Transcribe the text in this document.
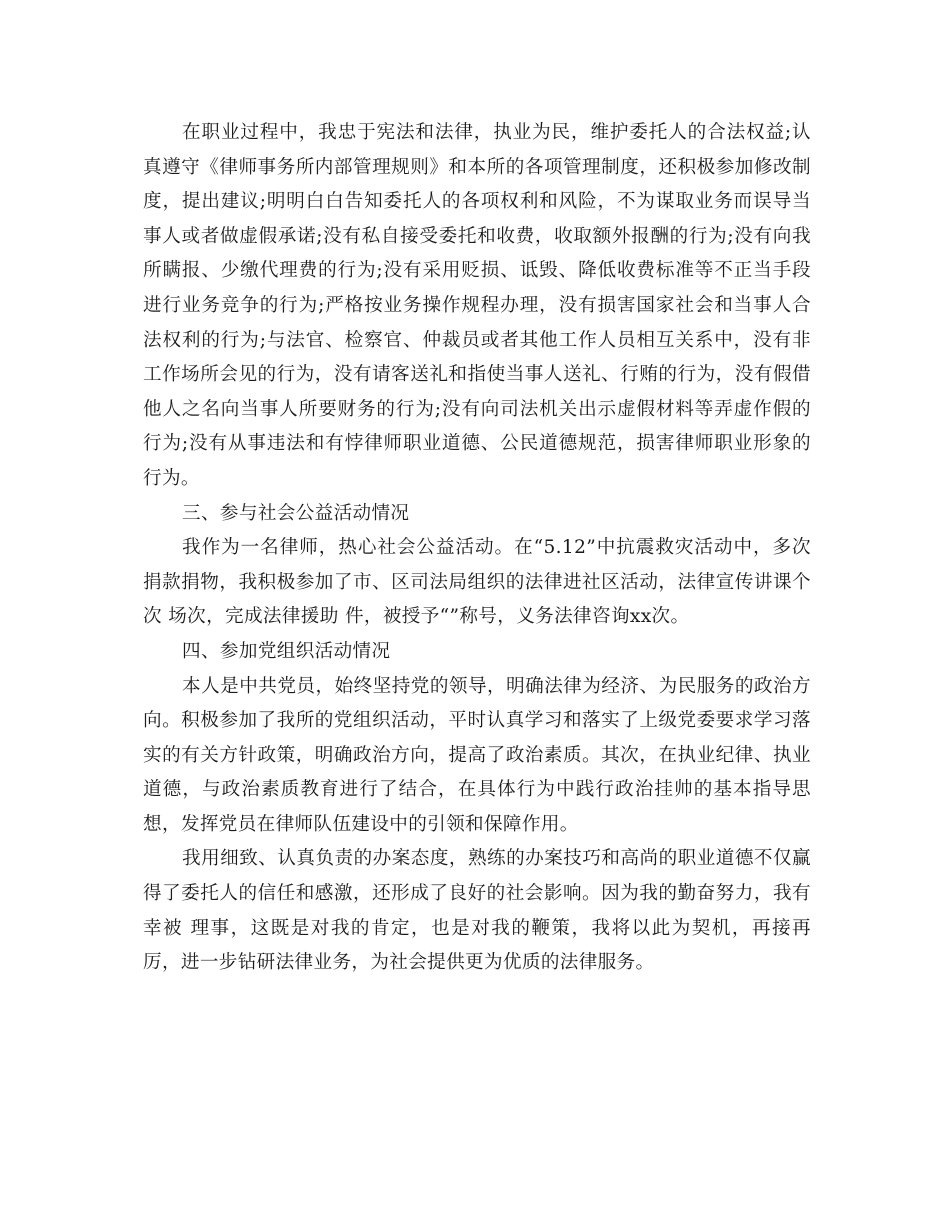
在职业过程中，我忠于宪法和法律，执业为民，维护委托人的合法权益;认真遵守《律师事务所内部管理规则》和本所的各项管理制度，还积极参加修改制度，提出建议;明明白白告知委托人的各项权利和风险，不为谋取业务而误导当事人或者做虚假承诺;没有私自接受委托和收费，收取额外报酬的行为;没有向我所瞒报、少缴代理费的行为;没有采用贬损、诋毁、降低收费标准等不正当手段进行业务竞争的行为;严格按业务操作规程办理，没有损害国家社会和当事人合法权利的行为;与法官、检察官、仲裁员或者其他工作人员相互关系中，没有非工作场所会见的行为，没有请客送礼和指使当事人送礼、行贿的行为，没有假借他人之名向当事人所要财务的行为;没有向司法机关出示虚假材料等弄虚作假的行为;没有从事违法和有悖律师职业道德、公民道德规范，损害律师职业形象的行为。

三、参与社会公益活动情况

我作为一名律师，热心社会公益活动。在“5.12”中抗震救灾活动中，多次捐款捐物，我积极参加了市、区司法局组织的法律进社区活动，法律宣传讲课个次 场次，完成法律援助 件，被授予“”称号，义务法律咨询xx次。

四、参加党组织活动情况

本人是中共党员，始终坚持党的领导，明确法律为经济、为民服务的政治方向。积极参加了我所的党组织活动，平时认真学习和落实了上级党委要求学习落实的有关方针政策，明确政治方向，提高了政治素质。其次，在执业纪律、执业道德，与政治素质教育进行了结合，在具体行为中践行政治挂帅的基本指导思想，发挥党员在律师队伍建设中的引领和保障作用。

我用细致、认真负责的办案态度，熟练的办案技巧和高尚的职业道德不仅赢得了委托人的信任和感激，还形成了良好的社会影响。因为我的勤奋努力，我有幸被 理事，这既是对我的肯定，也是对我的鞭策，我将以此为契机，再接再厉，进一步钻研法律业务，为社会提供更为优质的法律服务。
